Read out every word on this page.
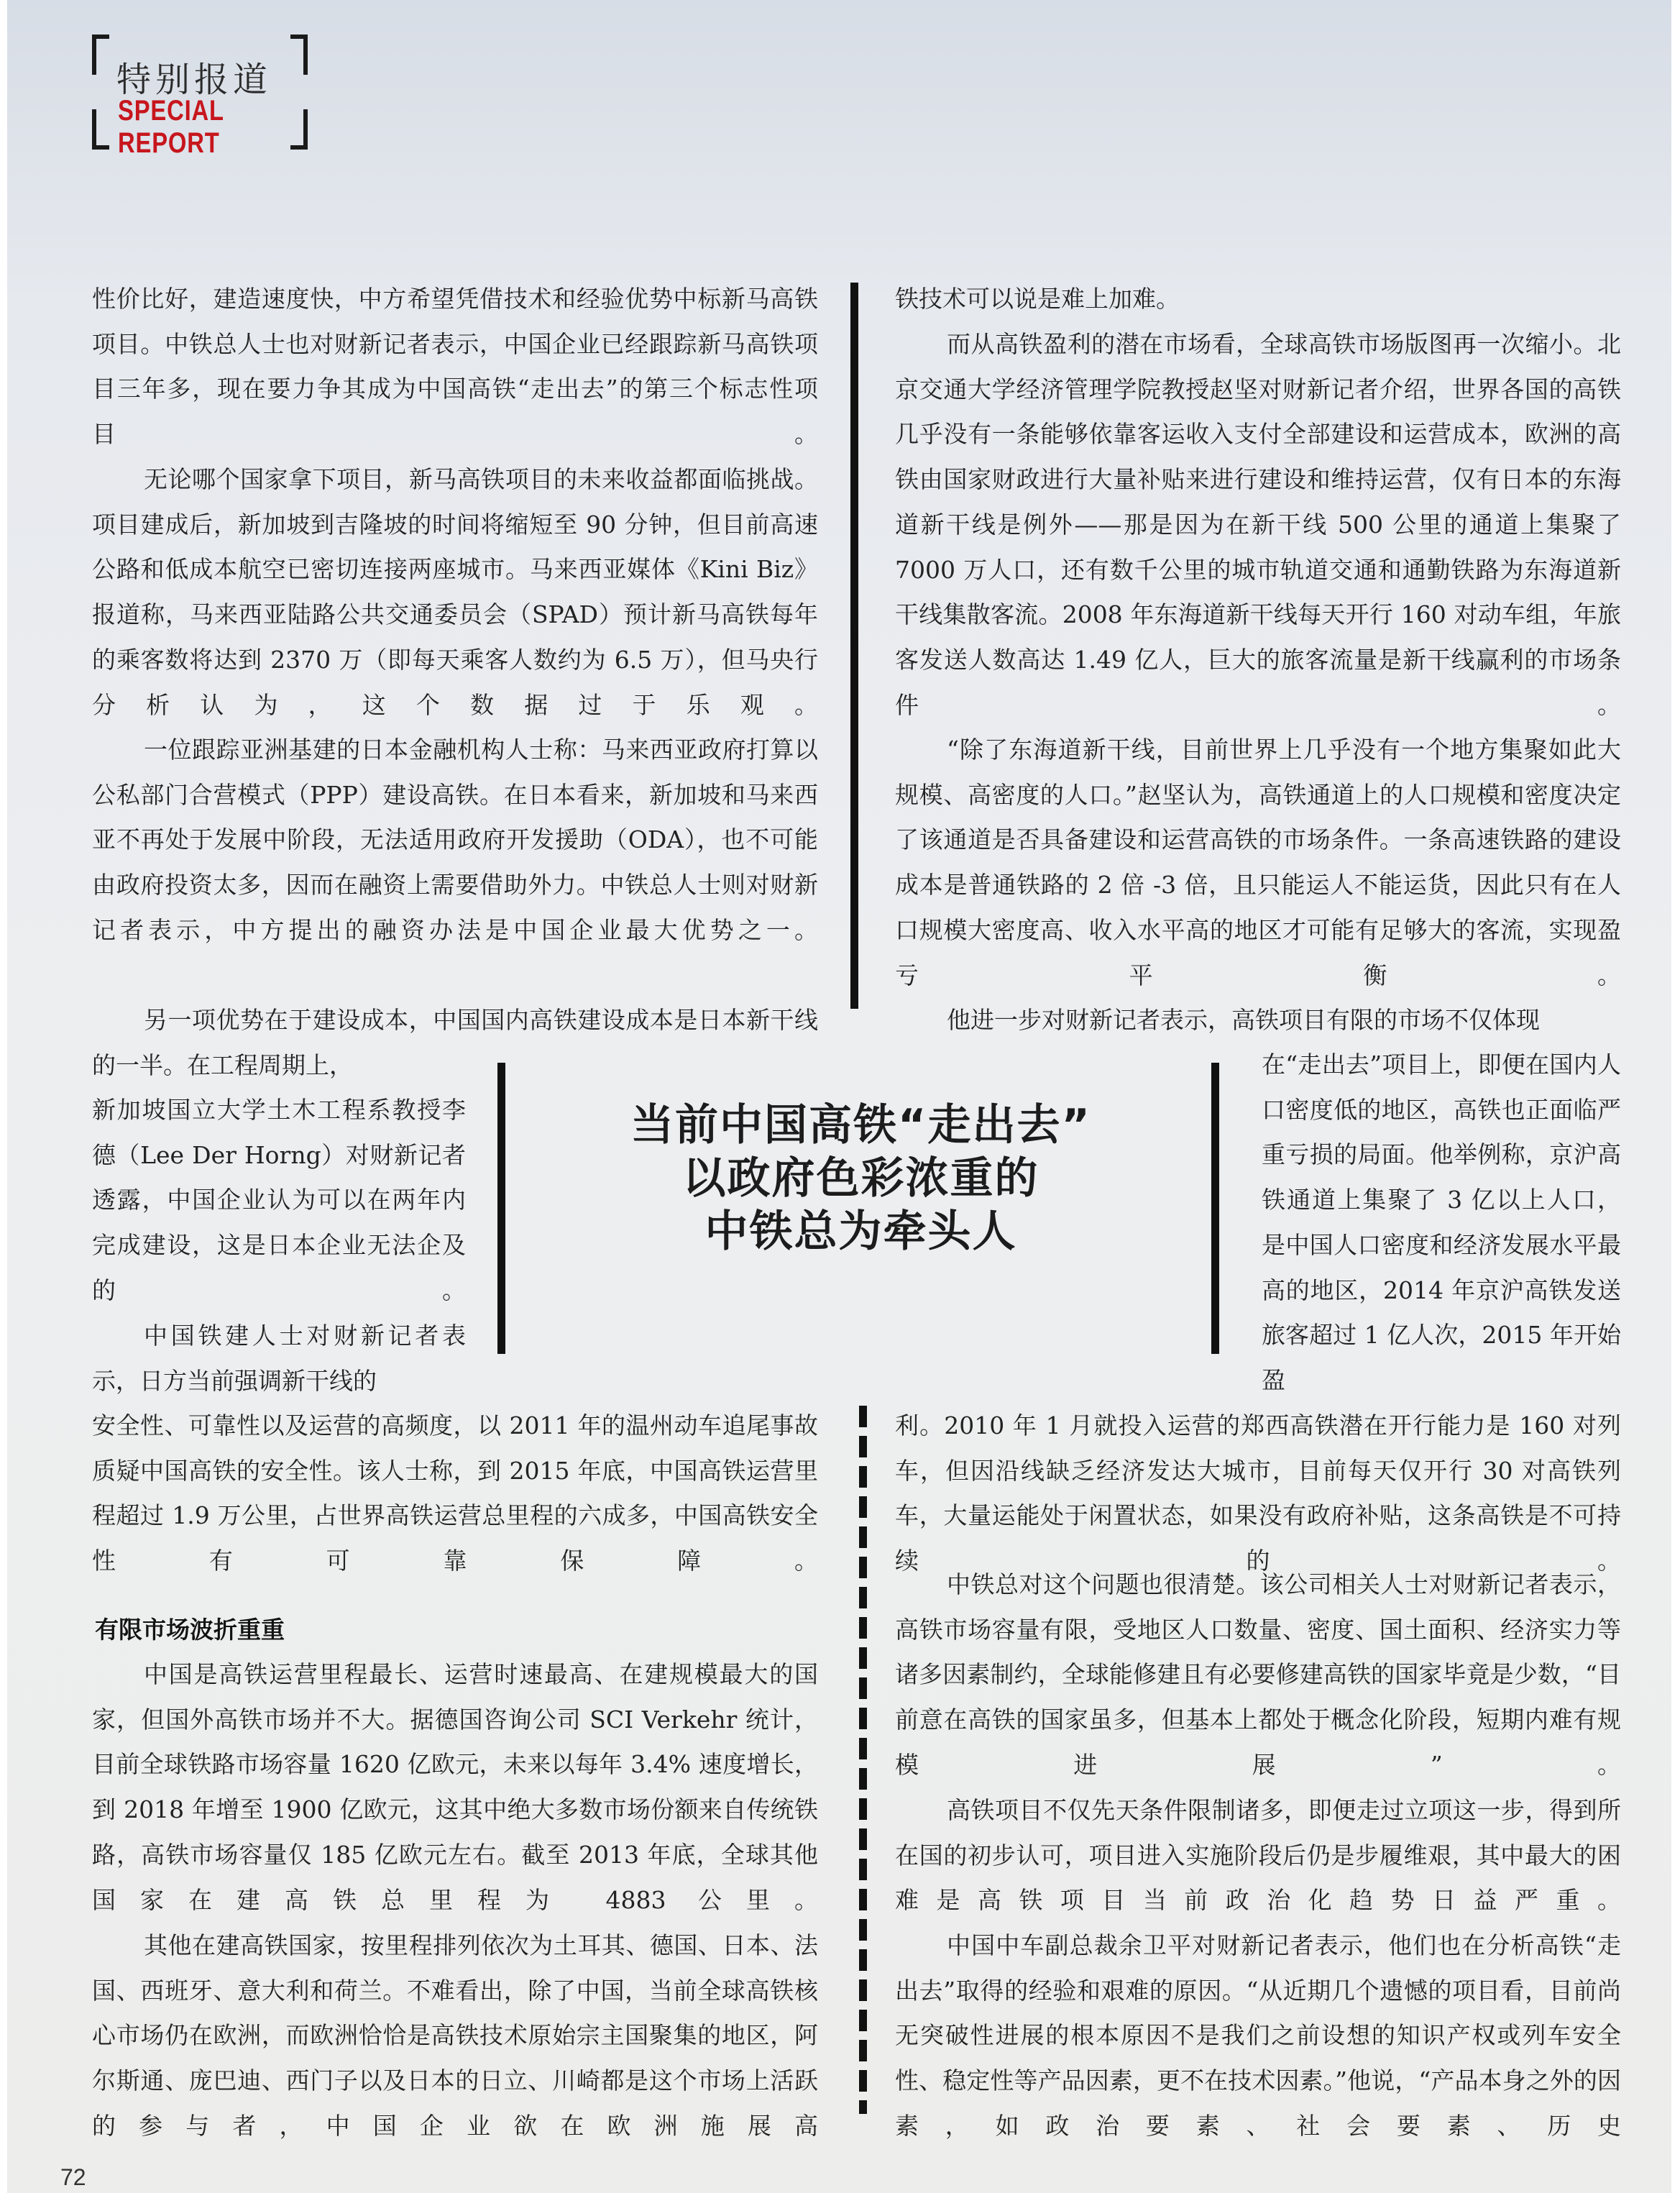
特别报道
SPECIAL REPORT

性价比好，建造速度快，中方希望凭借技术和经验优势中标新马高铁项目。中铁总人士也对财新记者表示，中国企业已经跟踪新马高铁项目三年多，现在要力争其成为中国高铁“走出去”的第三个标志性项目。

无论哪个国家拿下项目，新马高铁项目的未来收益都面临挑战。项目建成后，新加坡到吉隆坡的时间将缩短至 90 分钟，但目前高速公路和低成本航空已密切连接两座城市。马来西亚媒体《Kini Biz》报道称，马来西亚陆路公共交通委员会（SPAD）预计新马高铁每年的乘客数将达到 2370 万（即每天乘客人数约为 6.5 万），但马央行分析认为，这个数据过于乐观。

一位跟踪亚洲基建的日本金融机构人士称：马来西亚政府打算以公私部门合营模式（PPP）建设高铁。在日本看来，新加坡和马来西亚不再处于发展中阶段，无法适用政府开发援助（ODA），也不可能由政府投资太多，因而在融资上需要借助外力。中铁总人士则对财新记者表示，中方提出的融资办法是中国企业最大优势之一。

另一项优势在于建设成本，中国国内高铁建设成本是日本新干线的一半。在工程周期上，

新加坡国立大学土木工程系教授李德（Lee Der Horng）对财新记者透露，中国企业认为可以在两年内完成建设，这是日本企业无法企及的。

中国铁建人士对财新记者表示，日方当前强调新干线的

安全性、可靠性以及运营的高频度，以 2011 年的温州动车追尾事故质疑中国高铁的安全性。该人士称，到 2015 年底，中国高铁运营里程超过 1.9 万公里，占世界高铁运营总里程的六成多，中国高铁安全性有可靠保障。

有限市场波折重重

中国是高铁运营里程最长、运营时速最高、在建规模最大的国家，但国外高铁市场并不大。据德国咨询公司 SCI Verkehr 统计，目前全球铁路市场容量 1620 亿欧元，未来以每年 3.4% 速度增长，到 2018 年增至 1900 亿欧元，这其中绝大多数市场份额来自传统铁路，高铁市场容量仅 185 亿欧元左右。截至 2013 年底，全球其他国家在建高铁总里程为 4883 公里。

其他在建高铁国家，按里程排列依次为土耳其、德国、日本、法国、西班牙、意大利和荷兰。不难看出，除了中国，当前全球高铁核心市场仍在欧洲，而欧洲恰恰是高铁技术原始宗主国聚集的地区，阿尔斯通、庞巴迪、西门子以及日本的日立、川崎都是这个市场上活跃的参与者，中国企业欲在欧洲施展高

当前中国高铁“走出去”
以政府色彩浓重的
中铁总为牵头人

铁技术可以说是难上加难。

而从高铁盈利的潜在市场看，全球高铁市场版图再一次缩小。北京交通大学经济管理学院教授赵坚对财新记者介绍，世界各国的高铁几乎没有一条能够依靠客运收入支付全部建设和运营成本，欧洲的高铁由国家财政进行大量补贴来进行建设和维持运营，仅有日本的东海道新干线是例外——那是因为在新干线 500 公里的通道上集聚了 7000 万人口，还有数千公里的城市轨道交通和通勤铁路为东海道新干线集散客流。2008 年东海道新干线每天开行 160 对动车组，年旅客发送人数高达 1.49 亿人，巨大的旅客流量是新干线赢利的市场条件。

“除了东海道新干线，目前世界上几乎没有一个地方集聚如此大规模、高密度的人口。”赵坚认为，高铁通道上的人口规模和密度决定了该通道是否具备建设和运营高铁的市场条件。一条高速铁路的建设成本是普通铁路的 2 倍 -3 倍，且只能运人不能运货，因此只有在人口规模大密度高、收入水平高的地区才可能有足够大的客流，实现盈亏平衡。

他进一步对财新记者表示，高铁项目有限的市场不仅体现

在“走出去”项目上，即便在国内人口密度低的地区，高铁也正面临严重亏损的局面。他举例称，京沪高铁通道上集聚了 3 亿以上人口，是中国人口密度和经济发展水平最高的地区，2014 年京沪高铁发送旅客超过 1 亿人次，2015 年开始盈

利。2010 年 1 月就投入运营的郑西高铁潜在开行能力是 160 对列车，但因沿线缺乏经济发达大城市，目前每天仅开行 30 对高铁列车，大量运能处于闲置状态，如果没有政府补贴，这条高铁是不可持续的。

中铁总对这个问题也很清楚。该公司相关人士对财新记者表示，高铁市场容量有限，受地区人口数量、密度、国土面积、经济实力等诸多因素制约，全球能修建且有必要修建高铁的国家毕竟是少数，“目前意在高铁的国家虽多，但基本上都处于概念化阶段，短期内难有规模进展”。

高铁项目不仅先天条件限制诸多，即便走过立项这一步，得到所在国的初步认可，项目进入实施阶段后仍是步履维艰，其中最大的困难是高铁项目当前政治化趋势日益严重。

中国中车副总裁余卫平对财新记者表示，他们也在分析高铁“走出去”取得的经验和艰难的原因。“从近期几个遗憾的项目看，目前尚无突破性进展的根本原因不是我们之前设想的知识产权或列车安全性、稳定性等产品因素，更不在技术因素。”他说，“产品本身之外的因素，如政治要素、社会要素、历史

72
